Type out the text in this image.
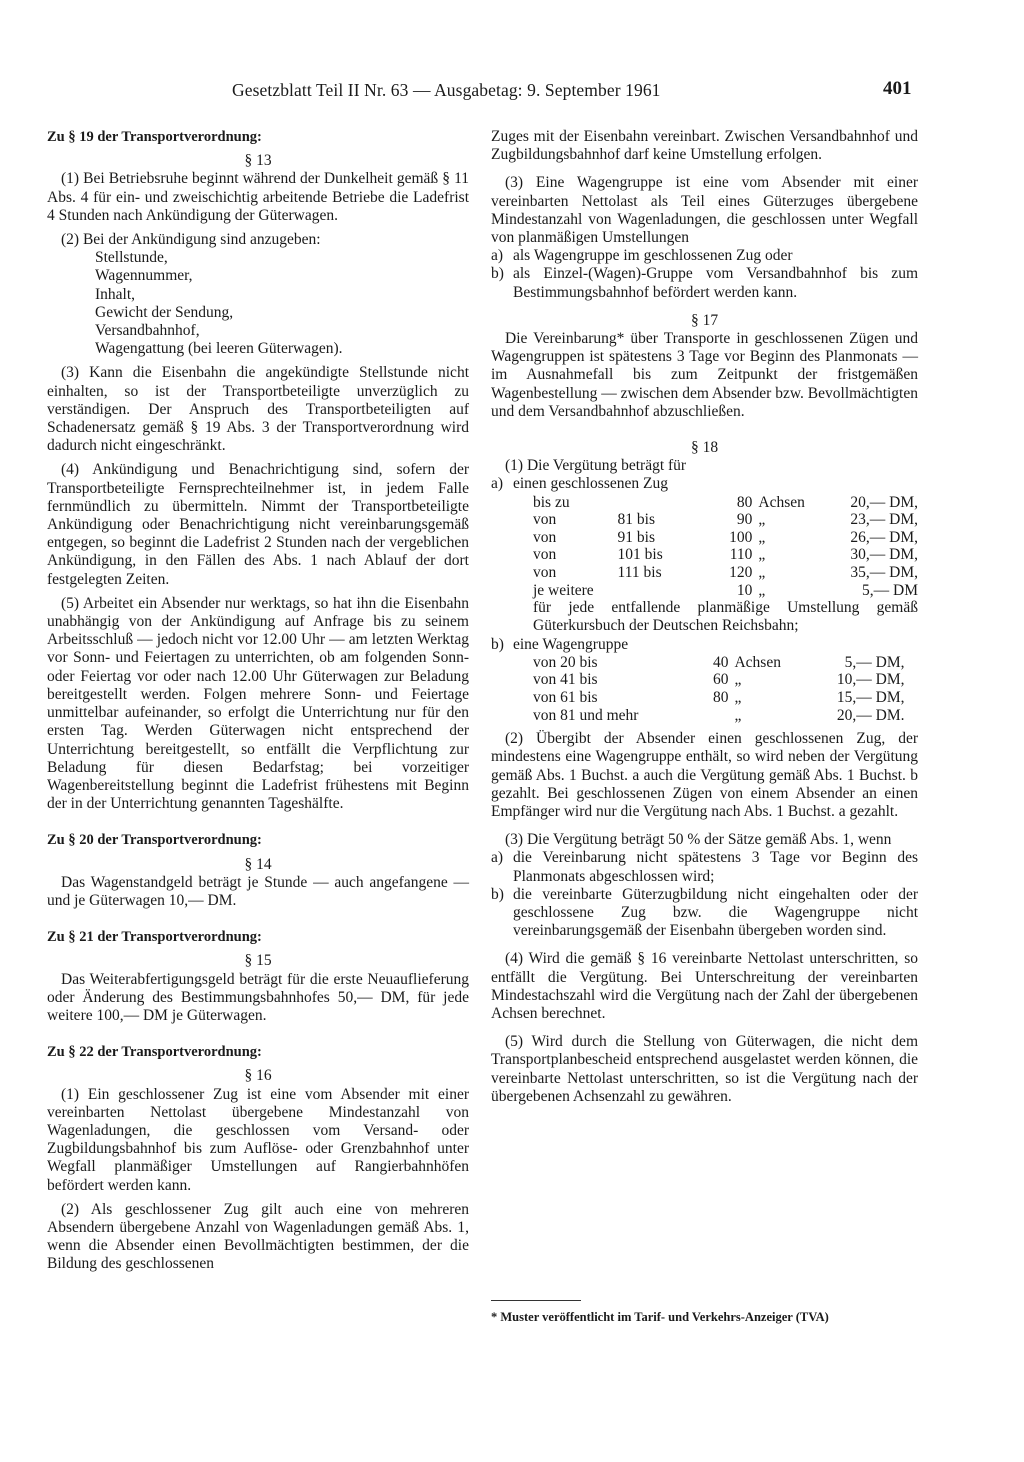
Gesetzblatt Teil II Nr. 63 — Ausgabetag: 9. September 1961	401

Zu § 19 der Transportverordnung:

§ 13

(1) Bei Betriebsruhe beginnt während der Dunkelheit gemäß § 11 Abs. 4 für ein- und zweischichtig arbeitende Betriebe die Ladefrist 4 Stunden nach Ankündigung der Güterwagen.

(2) Bei der Ankündigung sind anzugeben:

Stellstunde,
Wagennummer,
Inhalt,
Gewicht der Sendung,
Versandbahnhof,
Wagengattung (bei leeren Güterwagen).

(3) Kann die Eisenbahn die angekündigte Stellstunde nicht einhalten, so ist der Transportbeteiligte unverzüglich zu verständigen. Der Anspruch des Transportbeteiligten auf Schadenersatz gemäß § 19 Abs. 3 der Transportverordnung wird dadurch nicht eingeschränkt.

(4) Ankündigung und Benachrichtigung sind, sofern der Transportbeteiligte Fernsprechteilnehmer ist, in jedem Falle fernmündlich zu übermitteln. Nimmt der Transportbeteiligte Ankündigung oder Benachrichtigung nicht vereinbarungsgemäß entgegen, so beginnt die Ladefrist 2 Stunden nach der vergeblichen Ankündigung, in den Fällen des Abs. 1 nach Ablauf der dort festgelegten Zeiten.

(5) Arbeitet ein Absender nur werktags, so hat ihn die Eisenbahn unabhängig von der Ankündigung auf Anfrage bis zu seinem Arbeitsschluß — jedoch nicht vor 12.00 Uhr — am letzten Werktag vor Sonn- und Feiertagen zu unterrichten, ob am folgenden Sonn- oder Feiertag vor oder nach 12.00 Uhr Güterwagen zur Beladung bereitgestellt werden. Folgen mehrere Sonn- und Feiertage unmittelbar aufeinander, so erfolgt die Unterrichtung nur für den ersten Tag. Werden Güterwagen nicht entsprechend der Unterrichtung bereitgestellt, so entfällt die Verpflichtung zur Beladung für diesen Bedarfstag; bei vorzeitiger Wagenbereitstellung beginnt die Ladefrist frühestens mit Beginn der in der Unterrichtung genannten Tageshälfte.

Zu § 20 der Transportverordnung:

§ 14

Das Wagenstandgeld beträgt je Stunde — auch angefangene — und je Güterwagen 10,— DM.

Zu § 21 der Transportverordnung:

§ 15

Das Weiterabfertigungsgeld beträgt für die erste Neuauflieferung oder Änderung des Bestimmungsbahnhofes 50,— DM, für jede weitere 100,— DM je Güterwagen.

Zu § 22 der Transportverordnung:

§ 16

(1) Ein geschlossener Zug ist eine vom Absender mit einer vereinbarten Nettolast übergebene Mindestanzahl von Wagenladungen, die geschlossen vom Versand- oder Zugbildungsbahnhof bis zum Auflöse- oder Grenzbahnhof unter Wegfall planmäßiger Umstellungen auf Rangierbahnhöfen befördert werden kann.

(2) Als geschlossener Zug gilt auch eine von mehreren Absendern übergebene Anzahl von Wagenladungen gemäß Abs. 1, wenn die Absender einen Bevollmächtigten bestimmen, der die Bildung des geschlossenen

Zuges mit der Eisenbahn vereinbart. Zwischen Versandbahnhof und Zugbildungsbahnhof darf keine Umstellung erfolgen.

(3) Eine Wagengruppe ist eine vom Absender mit einer vereinbarten Nettolast als Teil eines Güterzuges übergebene Mindestanzahl von Wagenladungen, die geschlossen unter Wegfall von planmäßigen Umstellungen

a) als Wagengruppe im geschlossenen Zug oder
b) als Einzel-(Wagen)-Gruppe vom Versandbahnhof bis zum Bestimmungsbahnhof befördert werden kann.

§ 17

Die Vereinbarung* über Transporte in geschlossenen Zügen und Wagengruppen ist spätestens 3 Tage vor Beginn des Planmonats — im Ausnahmefall bis zum Zeitpunkt der fristgemäßen Wagenbestellung — zwischen dem Absender bzw. Bevollmächtigten und dem Versandbahnhof abzuschließen.

§ 18

(1) Die Vergütung beträgt für

a) einen geschlossenen Zug
bis zu		80	Achsen	20,— DM,
von	81 bis	90	„	23,— DM,
von	91 bis	100	„	26,— DM,
von	101 bis	110	„	30,— DM,
von	111 bis	120	„	35,— DM,
je weitere		10	„	5,— DM

für jede entfallende planmäßige Umstellung gemäß Güterkursbuch der Deutschen Reichsbahn;

b) eine Wagengruppe
von 20 bis	40	Achsen	5,— DM,
von 41 bis	60	„	10,— DM,
von 61 bis	80	„	15,— DM,
von 81 und mehr		„	20,— DM.

(2) Übergibt der Absender einen geschlossenen Zug, der mindestens eine Wagengruppe enthält, so wird neben der Vergütung gemäß Abs. 1 Buchst. a auch die Vergütung gemäß Abs. 1 Buchst. b gezahlt. Bei geschlossenen Zügen von einem Absender an einen Empfänger wird nur die Vergütung nach Abs. 1 Buchst. a gezahlt.

(3) Die Vergütung beträgt 50 % der Sätze gemäß Abs. 1, wenn

a) die Vereinbarung nicht spätestens 3 Tage vor Beginn des Planmonats abgeschlossen wird;
b) die vereinbarte Güterzugbildung nicht eingehalten oder der geschlossene Zug bzw. die Wagengruppe nicht vereinbarungsgemäß der Eisenbahn übergeben worden sind.

(4) Wird die gemäß § 16 vereinbarte Nettolast unterschritten, so entfällt die Vergütung. Bei Unterschreitung der vereinbarten Mindestachszahl wird die Vergütung nach der Zahl der übergebenen Achsen berechnet.

(5) Wird durch die Stellung von Güterwagen, die nicht dem Transportplanbescheid entsprechend ausgelastet werden können, die vereinbarte Nettolast unterschritten, so ist die Vergütung nach der übergebenen Achsenzahl zu gewähren.

* Muster veröffentlicht im Tarif- und Verkehrs-Anzeiger (TVA)
